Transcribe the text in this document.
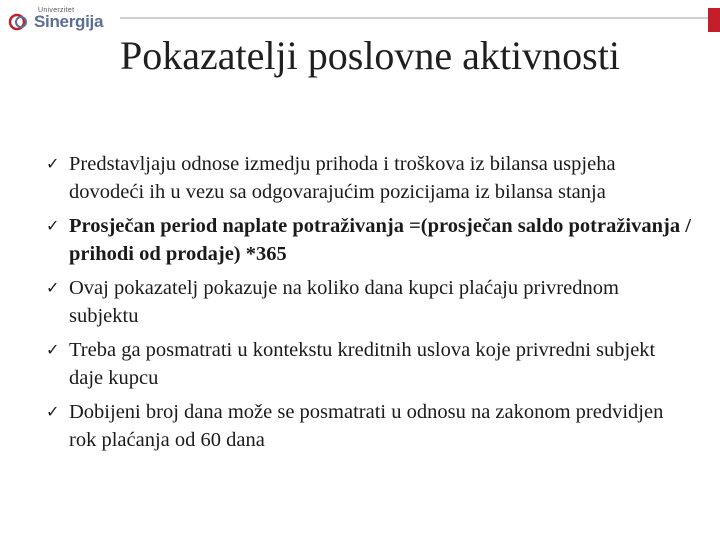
Univerzitet
Sinergija
Pokazatelji poslovne aktivnosti
✓ Predstavljaju odnose izmedju prihoda i troškova iz bilansa uspjeha dovodeći ih u vezu sa odgovarajućim pozicijama iz bilansa stanja
✓ Prosječan period naplate potraživanja =(prosječan saldo potraživanja / prihodi od prodaje) *365
✓ Ovaj pokazatelj pokazuje na koliko dana kupci plaćaju privrednom subjektu
✓ Treba ga posmatrati u kontekstu kreditnih uslova koje privredni subjekt daje kupcu
✓ Dobijeni broj dana može se posmatrati u odnosu na zakonom predvidjen rok plaćanja od 60 dana
